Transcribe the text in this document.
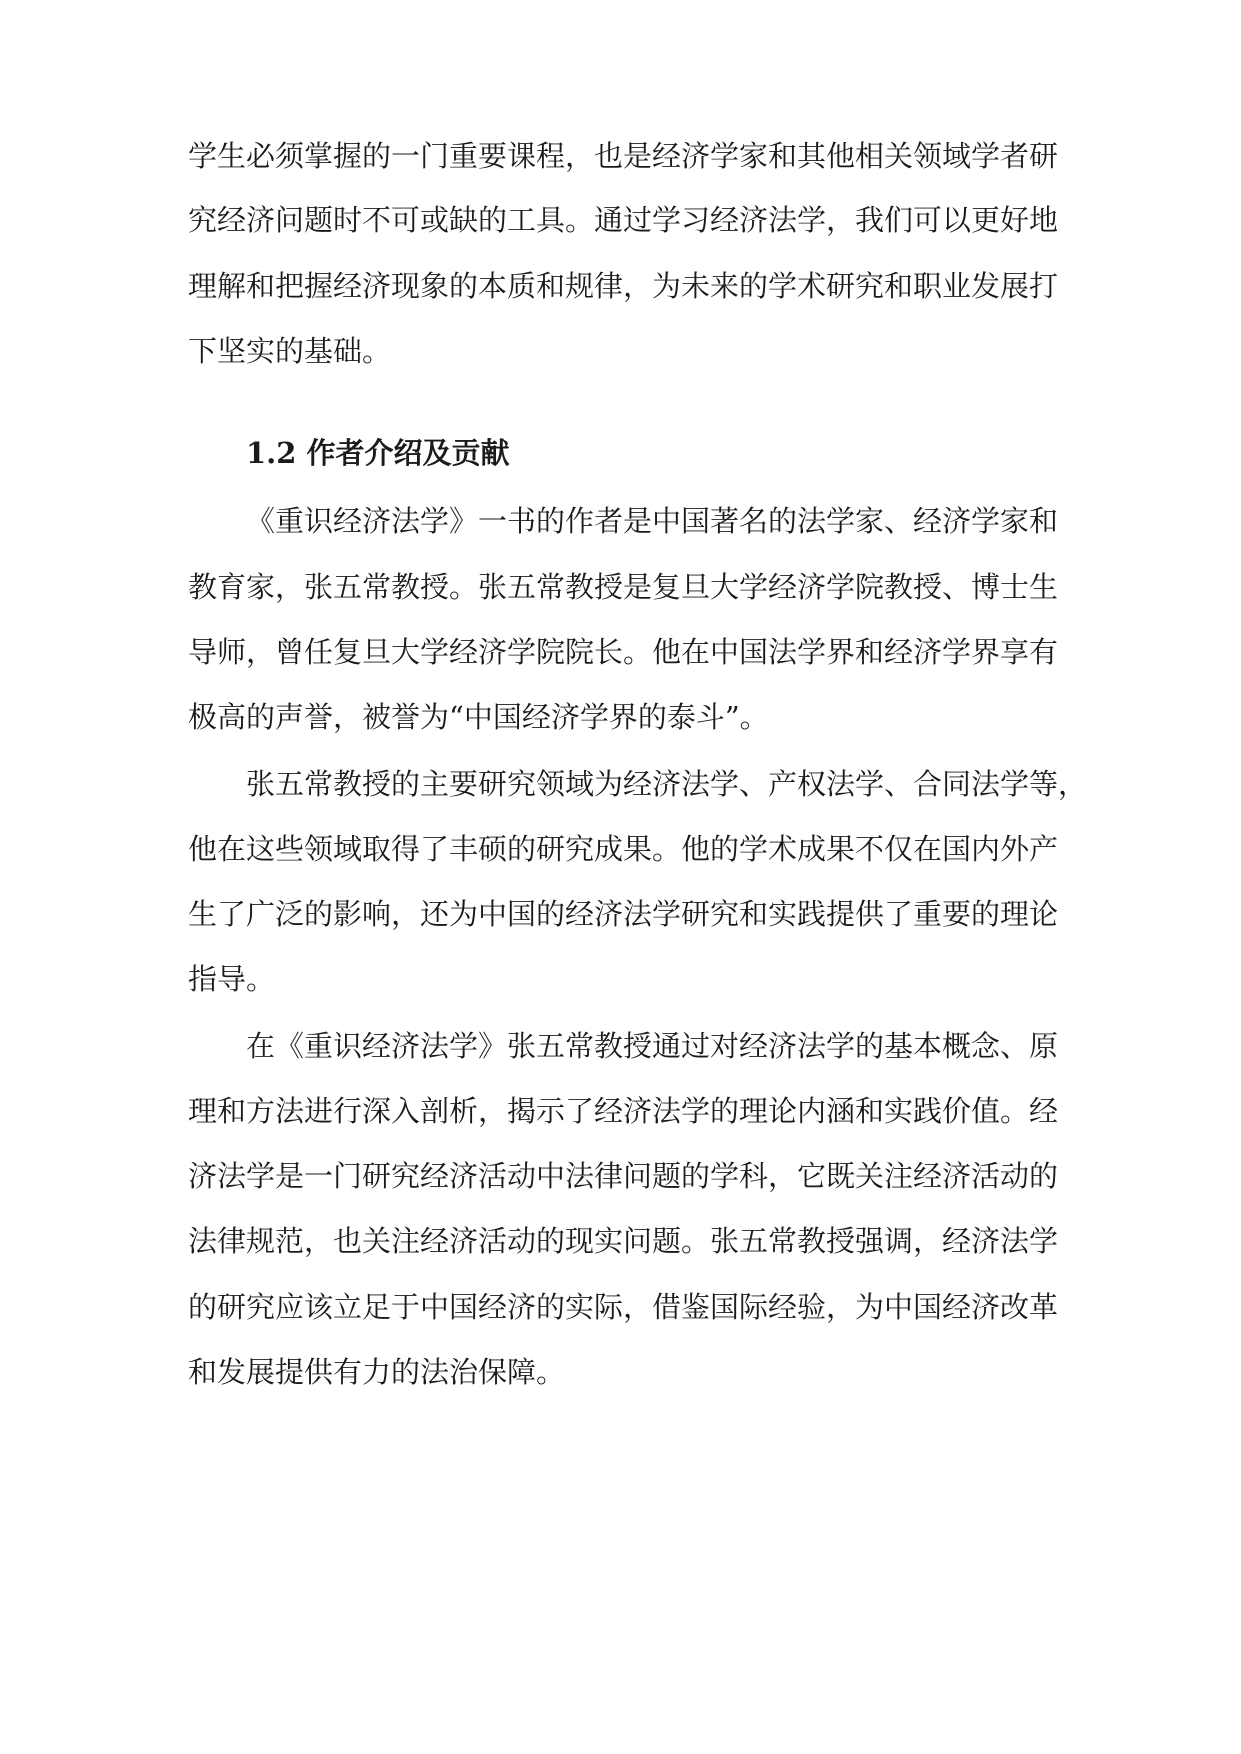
学生必须掌握的一门重要课程，也是经济学家和其他相关领域学者研
究经济问题时不可或缺的工具。通过学习经济法学，我们可以更好地
理解和把握经济现象的本质和规律，为未来的学术研究和职业发展打
下坚实的基础。
1.2 作者介绍及贡献
《重识经济法学》一书的作者是中国著名的法学家、经济学家和
教育家，张五常教授。张五常教授是复旦大学经济学院教授、博士生
导师，曾任复旦大学经济学院院长。他在中国法学界和经济学界享有
极高的声誉，被誉为“中国经济学界的泰斗”。
张五常教授的主要研究领域为经济法学、产权法学、合同法学等，
他在这些领域取得了丰硕的研究成果。他的学术成果不仅在国内外产
生了广泛的影响，还为中国的经济法学研究和实践提供了重要的理论
指导。
在《重识经济法学》张五常教授通过对经济法学的基本概念、原
理和方法进行深入剖析，揭示了经济法学的理论内涵和实践价值。经
济法学是一门研究经济活动中法律问题的学科，它既关注经济活动的
法律规范，也关注经济活动的现实问题。张五常教授强调，经济法学
的研究应该立足于中国经济的实际，借鉴国际经验，为中国经济改革
和发展提供有力的法治保障。
